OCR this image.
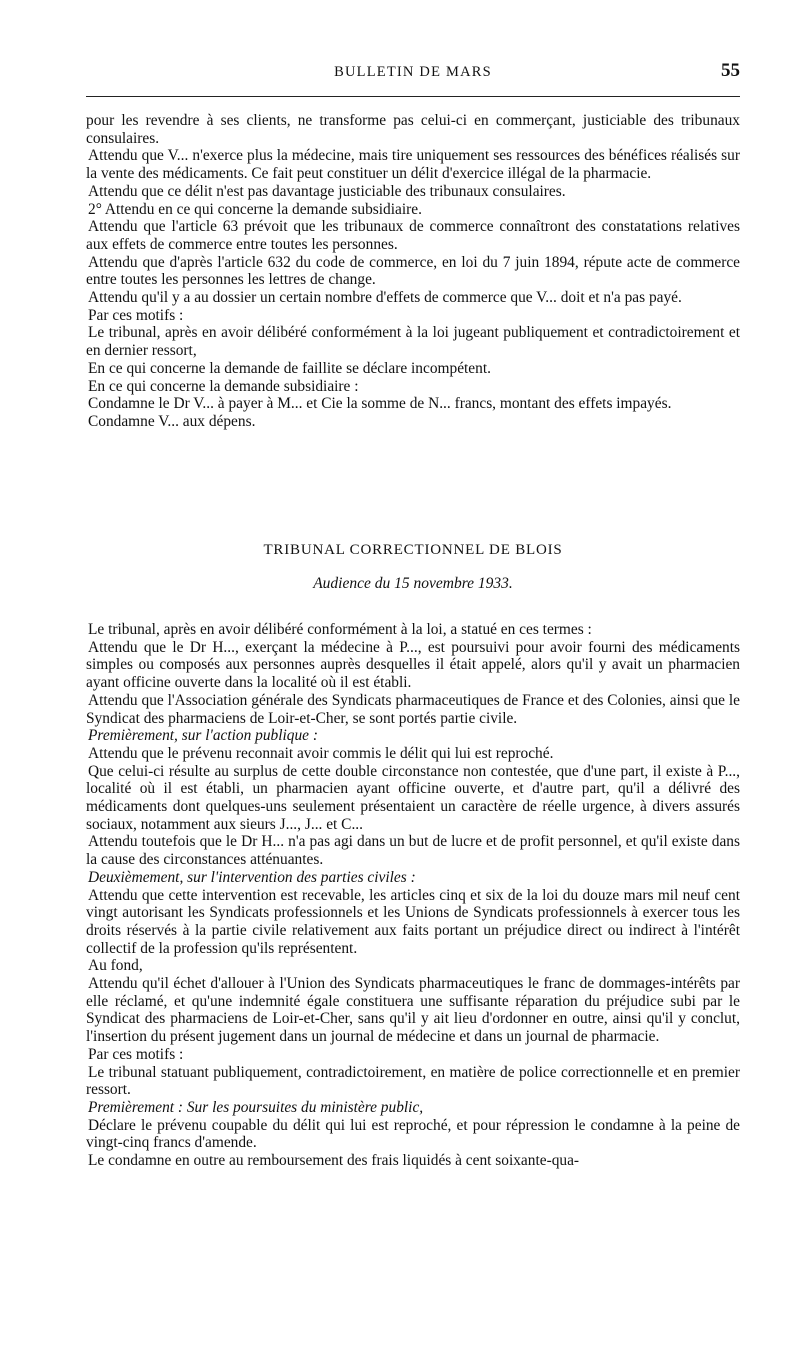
BULLETIN DE MARS	55

pour les revendre à ses clients, ne transforme pas celui-ci en commerçant, justiciable des tribunaux consulaires.

Attendu que V... n'exerce plus la médecine, mais tire uniquement ses ressources des bénéfices réalisés sur la vente des médicaments. Ce fait peut constituer un délit d'exercice illégal de la pharmacie.

Attendu que ce délit n'est pas davantage justiciable des tribunaux consulaires.

2° Attendu en ce qui concerne la demande subsidiaire.

Attendu que l'article 63 prévoit que les tribunaux de commerce connaîtront des constatations relatives aux effets de commerce entre toutes les personnes.

Attendu que d'après l'article 632 du code de commerce, en loi du 7 juin 1894, répute acte de commerce entre toutes les personnes les lettres de change.

Attendu qu'il y a au dossier un certain nombre d'effets de commerce que V... doit et n'a pas payé.

Par ces motifs :

Le tribunal, après en avoir délibéré conformément à la loi jugeant publiquement et contradictoirement et en dernier ressort,

En ce qui concerne la demande de faillite se déclare incompétent.

En ce qui concerne la demande subsidiaire :

Condamne le Dr V... à payer à M... et Cie la somme de N... francs, montant des effets impayés.

Condamne V... aux dépens.

TRIBUNAL CORRECTIONNEL DE BLOIS
Audience du 15 novembre 1933.

Le tribunal, après en avoir délibéré conformément à la loi, a statué en ces termes :

Attendu que le Dr H..., exerçant la médecine à P..., est poursuivi pour avoir fourni des médicaments simples ou composés aux personnes auprès desquelles il était appelé, alors qu'il y avait un pharmacien ayant officine ouverte dans la localité où il est établi.

Attendu que l'Association générale des Syndicats pharmaceutiques de France et des Colonies, ainsi que le Syndicat des pharmaciens de Loir-et-Cher, se sont portés partie civile.

Premièrement, sur l'action publique :

Attendu que le prévenu reconnait avoir commis le délit qui lui est reproché.

Que celui-ci résulte au surplus de cette double circonstance non contestée, que d'une part, il existe à P..., localité où il est établi, un pharmacien ayant officine ouverte, et d'autre part, qu'il a délivré des médicaments dont quelques-uns seulement présentaient un caractère de réelle urgence, à divers assurés sociaux, notamment aux sieurs J..., J... et C...

Attendu toutefois que le Dr H... n'a pas agi dans un but de lucre et de profit personnel, et qu'il existe dans la cause des circonstances atténuantes.

Deuxièmement, sur l'intervention des parties civiles :

Attendu que cette intervention est recevable, les articles cinq et six de la loi du douze mars mil neuf cent vingt autorisant les Syndicats professionnels et les Unions de Syndicats professionnels à exercer tous les droits réservés à la partie civile relativement aux faits portant un préjudice direct ou indirect à l'intérêt collectif de la profession qu'ils représentent.

Au fond,

Attendu qu'il échet d'allouer à l'Union des Syndicats pharmaceutiques le franc de dommages-intérêts par elle réclamé, et qu'une indemnité égale constituera une suffisante réparation du préjudice subi par le Syndicat des pharmaciens de Loir-et-Cher, sans qu'il y ait lieu d'ordonner en outre, ainsi qu'il y conclut, l'insertion du présent jugement dans un journal de médecine et dans un journal de pharmacie.

Par ces motifs :

Le tribunal statuant publiquement, contradictoirement, en matière de police correctionnelle et en premier ressort.

Premièrement : Sur les poursuites du ministère public,

Déclare le prévenu coupable du délit qui lui est reproché, et pour répression le condamne à la peine de vingt-cinq francs d'amende.

Le condamne en outre au remboursement des frais liquidés à cent soixante-qua-
